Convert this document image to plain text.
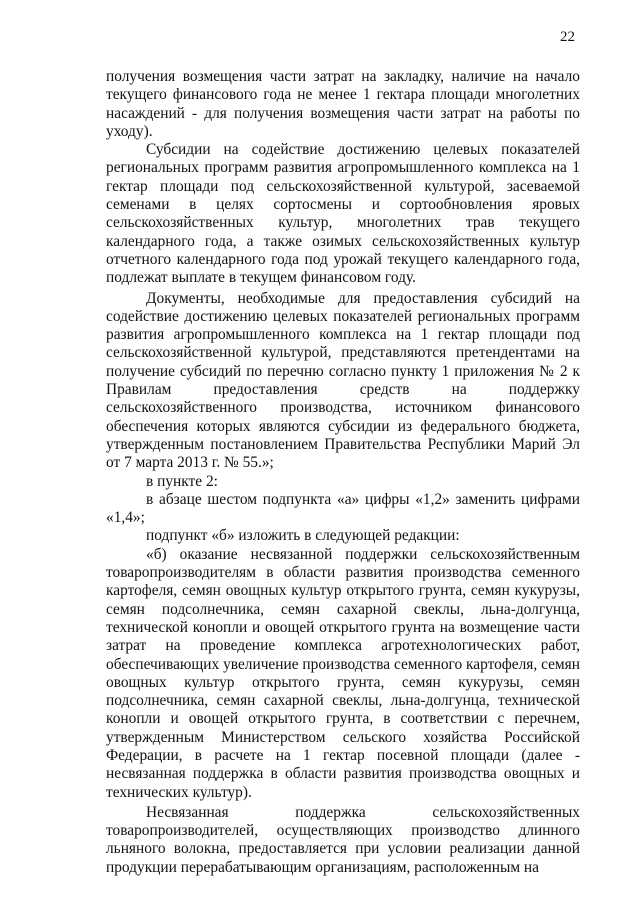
22

получения возмещения части затрат на закладку, наличие на начало текущего финансового года не менее 1 гектара площади многолетних насаждений - для получения возмещения части затрат на работы по уходу).

Субсидии на содействие достижению целевых показателей региональных программ развития агропромышленного комплекса на 1 гектар площади под сельскохозяйственной культурой, засеваемой семенами в целях сортосмены и сортообновления яровых сельскохозяйственных культур, многолетних трав текущего календарного года, а также озимых сельскохозяйственных культур отчетного календарного года под урожай текущего календарного года, подлежат выплате в текущем финансовом году.

Документы, необходимые для предоставления субсидий на содействие достижению целевых показателей региональных программ развития агропромышленного комплекса на 1 гектар площади под сельскохозяйственной культурой, представляются претендентами на получение субсидий по перечню согласно пункту 1 приложения № 2 к Правилам предоставления средств на поддержку сельскохозяйственного производства, источником финансового обеспечения которых являются субсидии из федерального бюджета, утвержденным постановлением Правительства Республики Марий Эл от 7 марта 2013 г. № 55.»;

в пункте 2:

в абзаце шестом подпункта «а» цифры «1,2» заменить цифрами «1,4»;

подпункт «б» изложить в следующей редакции:

«б) оказание несвязанной поддержки сельскохозяйственным товаропроизводителям в области развития производства семенного картофеля, семян овощных культур открытого грунта, семян кукурузы, семян подсолнечника, семян сахарной свеклы, льна-долгунца, технической конопли и овощей открытого грунта на возмещение части затрат на проведение комплекса агротехнологических работ, обеспечивающих увеличение производства семенного картофеля, семян овощных культур открытого грунта, семян кукурузы, семян подсолнечника, семян сахарной свеклы, льна-долгунца, технической конопли и овощей открытого грунта, в соответствии с перечнем, утвержденным Министерством сельского хозяйства Российской Федерации, в расчете на 1 гектар посевной площади (далее - несвязанная поддержка в области развития производства овощных и технических культур).

Несвязанная поддержка сельскохозяйственных товаропроизводителей, осуществляющих производство длинного льняного волокна, предоставляется при условии реализации данной продукции перерабатывающим организациям, расположенным на
